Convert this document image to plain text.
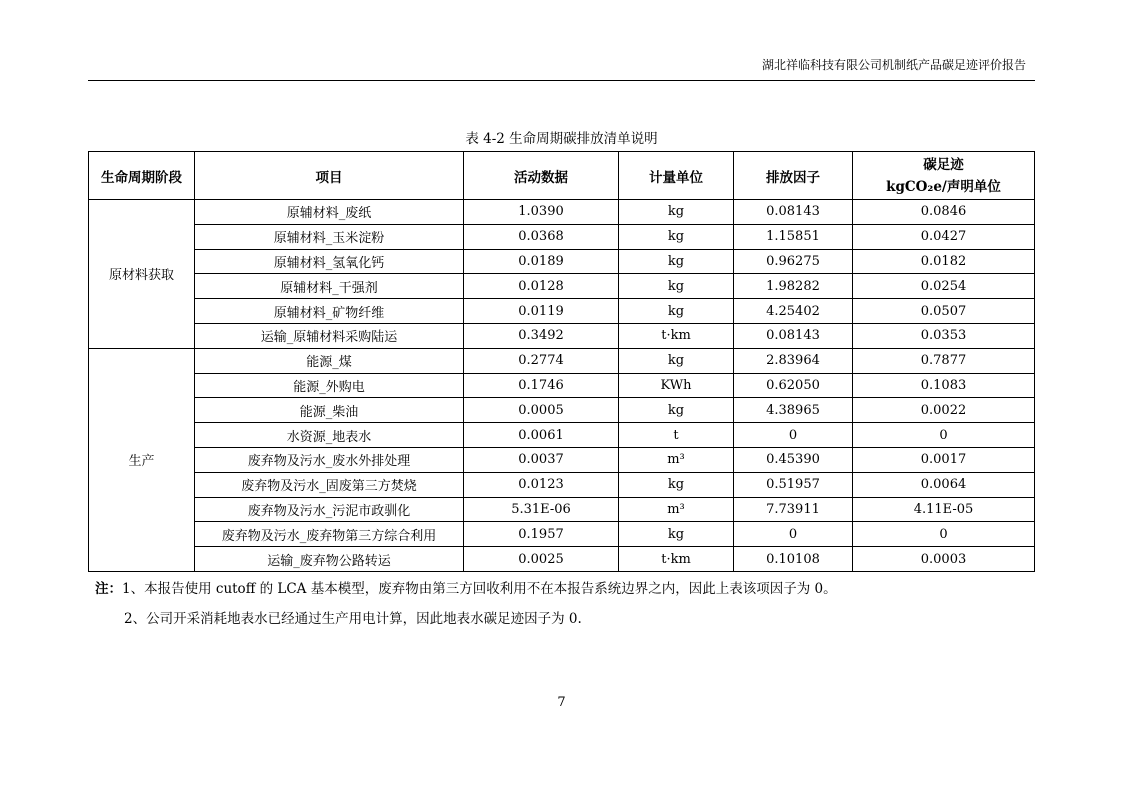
湖北祥临科技有限公司机制纸产品碳足迹评价报告
表 4-2 生命周期碳排放清单说明
生命周期阶段	项目	活动数据	计量单位	排放因子	碳足迹
kgCO₂e/声明单位

原材料获取	原辅材料_废纸	1.0390	kg	0.08143	0.0846
	原辅材料_玉米淀粉	0.0368	kg	1.15851	0.0427
	原辅材料_氢氧化钙	0.0189	kg	0.96275	0.0182
	原辅材料_干强剂	0.0128	kg	1.98282	0.0254
	原辅材料_矿物纤维	0.0119	kg	4.25402	0.0507
	运输_原辅材料采购陆运	0.3492	t·km	0.08143	0.0353
生产	能源_煤	0.2774	kg	2.83964	0.7877
	能源_外购电	0.1746	KWh	0.62050	0.1083
	能源_柴油	0.0005	kg	4.38965	0.0022
	水资源_地表水	0.0061	t	0	0
	废弃物及污水_废水外排处理	0.0037	m³	0.45390	0.0017
	废弃物及污水_固废第三方焚烧	0.0123	kg	0.51957	0.0064
	废弃物及污水_污泥市政驯化	5.31E-06	m³	7.73911	4.11E-05
	废弃物及污水_废弃物第三方综合利用	0.1957	kg	0	0
	运输_废弃物公路转运	0.0025	t·km	0.10108	0.0003
注：1、本报告使用 cutoff 的 LCA 基本模型，废弃物由第三方回收利用不在本报告系统边界之内，因此上表该项因子为 0。
2、公司开采消耗地表水已经通过生产用电计算，因此地表水碳足迹因子为 0.
7
